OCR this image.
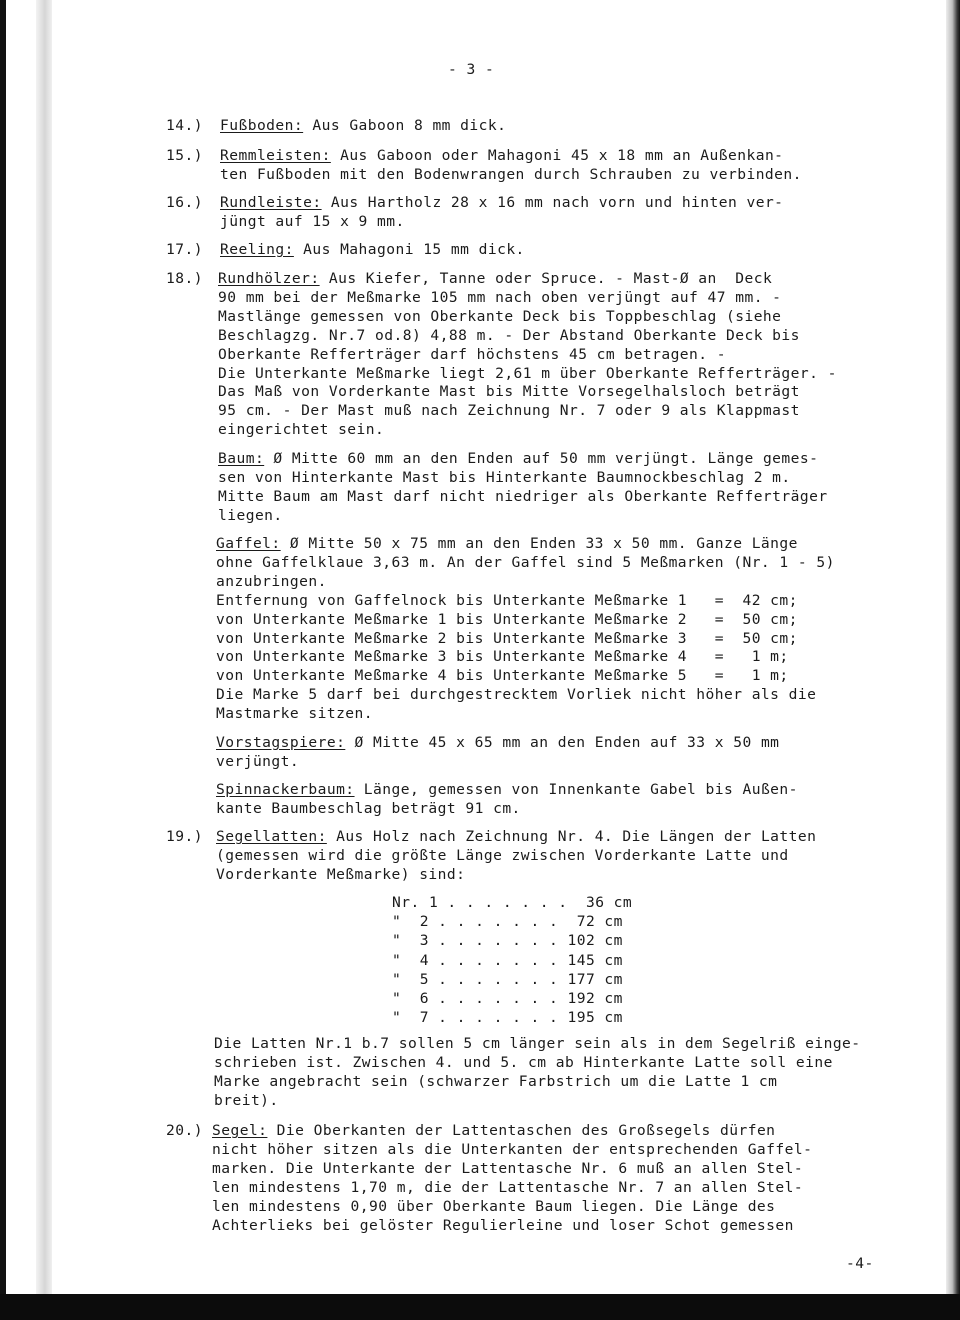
- 3 -
-4-
14.) Fußboden: Aus Gaboon 8 mm dick.
15.) Remmleisten: Aus Gaboon oder Mahagoni 45 x 18 mm an Außenkan-
ten Fußboden mit den Bodenwrangen durch Schrauben zu verbinden.
16.) Rundleiste: Aus Hartholz 28 x 16 mm nach vorn und hinten ver-
jüngt auf 15 x 9 mm.
17.) Reeling: Aus Mahagoni 15 mm dick.
18.) Rundhölzer: Aus Kiefer, Tanne oder Spruce. - Mast-Ø an  Deck
90 mm bei der Meßmarke 105 mm nach oben verjüngt auf 47 mm. -
Mastlänge gemessen von Oberkante Deck bis Toppbeschlag (siehe
Beschlagzg. Nr.7 od.8) 4,88 m. - Der Abstand Oberkante Deck bis
Oberkante Refferträger darf höchstens 45 cm betragen. -
Die Unterkante Meßmarke liegt 2,61 m über Oberkante Refferträger. -
Das Maß von Vorderkante Mast bis Mitte Vorsegelhalsloch beträgt
95 cm. - Der Mast muß nach Zeichnung Nr. 7 oder 9 als Klappmast
eingerichtet sein.
Baum: Ø Mitte 60 mm an den Enden auf 50 mm verjüngt. Länge gemes-
sen von Hinterkante Mast bis Hinterkante Baumnockbeschlag 2 m.
Mitte Baum am Mast darf nicht niedriger als Oberkante Refferträger
liegen.
Gaffel: Ø Mitte 50 x 75 mm an den Enden 33 x 50 mm. Ganze Länge
ohne Gaffelklaue 3,63 m. An der Gaffel sind 5 Meßmarken (Nr. 1 - 5)
anzubringen.
Entfernung von Gaffelnock bis Unterkante Meßmarke 1   =  42 cm;
von Unterkante Meßmarke 1 bis Unterkante Meßmarke 2   =  50 cm;
von Unterkante Meßmarke 2 bis Unterkante Meßmarke 3   =  50 cm;
von Unterkante Meßmarke 3 bis Unterkante Meßmarke 4   =   1 m;
von Unterkante Meßmarke 4 bis Unterkante Meßmarke 5   =   1 m;
Die Marke 5 darf bei durchgestrecktem Vorliek nicht höher als die
Mastmarke sitzen.
Vorstagspiere: Ø Mitte 45 x 65 mm an den Enden auf 33 x 50 mm
verjüngt.
Spinnackerbaum: Länge, gemessen von Innenkante Gabel bis Außen-
kante Baumbeschlag beträgt 91 cm.
19.) Segellatten: Aus Holz nach Zeichnung Nr. 4. Die Längen der Latten
(gemessen wird die größte Länge zwischen Vorderkante Latte und
Vorderkante Meßmarke) sind:
Nr. 1 . . . . . . .  36 cm
"  2 . . . . . . .  72 cm
"  3 . . . . . . . 102 cm
"  4 . . . . . . . 145 cm
"  5 . . . . . . . 177 cm
"  6 . . . . . . . 192 cm
"  7 . . . . . . . 195 cm
Die Latten Nr.1 b.7 sollen 5 cm länger sein als in dem Segelriß einge-
schrieben ist. Zwischen 4. und 5. cm ab Hinterkante Latte soll eine
Marke angebracht sein (schwarzer Farbstrich um die Latte 1 cm
breit).
20.) Segel: Die Oberkanten der Lattentaschen des Großsegels dürfen
nicht höher sitzen als die Unterkanten der entsprechenden Gaffel-
marken. Die Unterkante der Lattentasche Nr. 6 muß an allen Stel-
len mindestens 1,70 m, die der Lattentasche Nr. 7 an allen Stel-
len mindestens 0,90 über Oberkante Baum liegen. Die Länge des
Achterlieks bei gelöster Regulierleine und loser Schot gemessen
